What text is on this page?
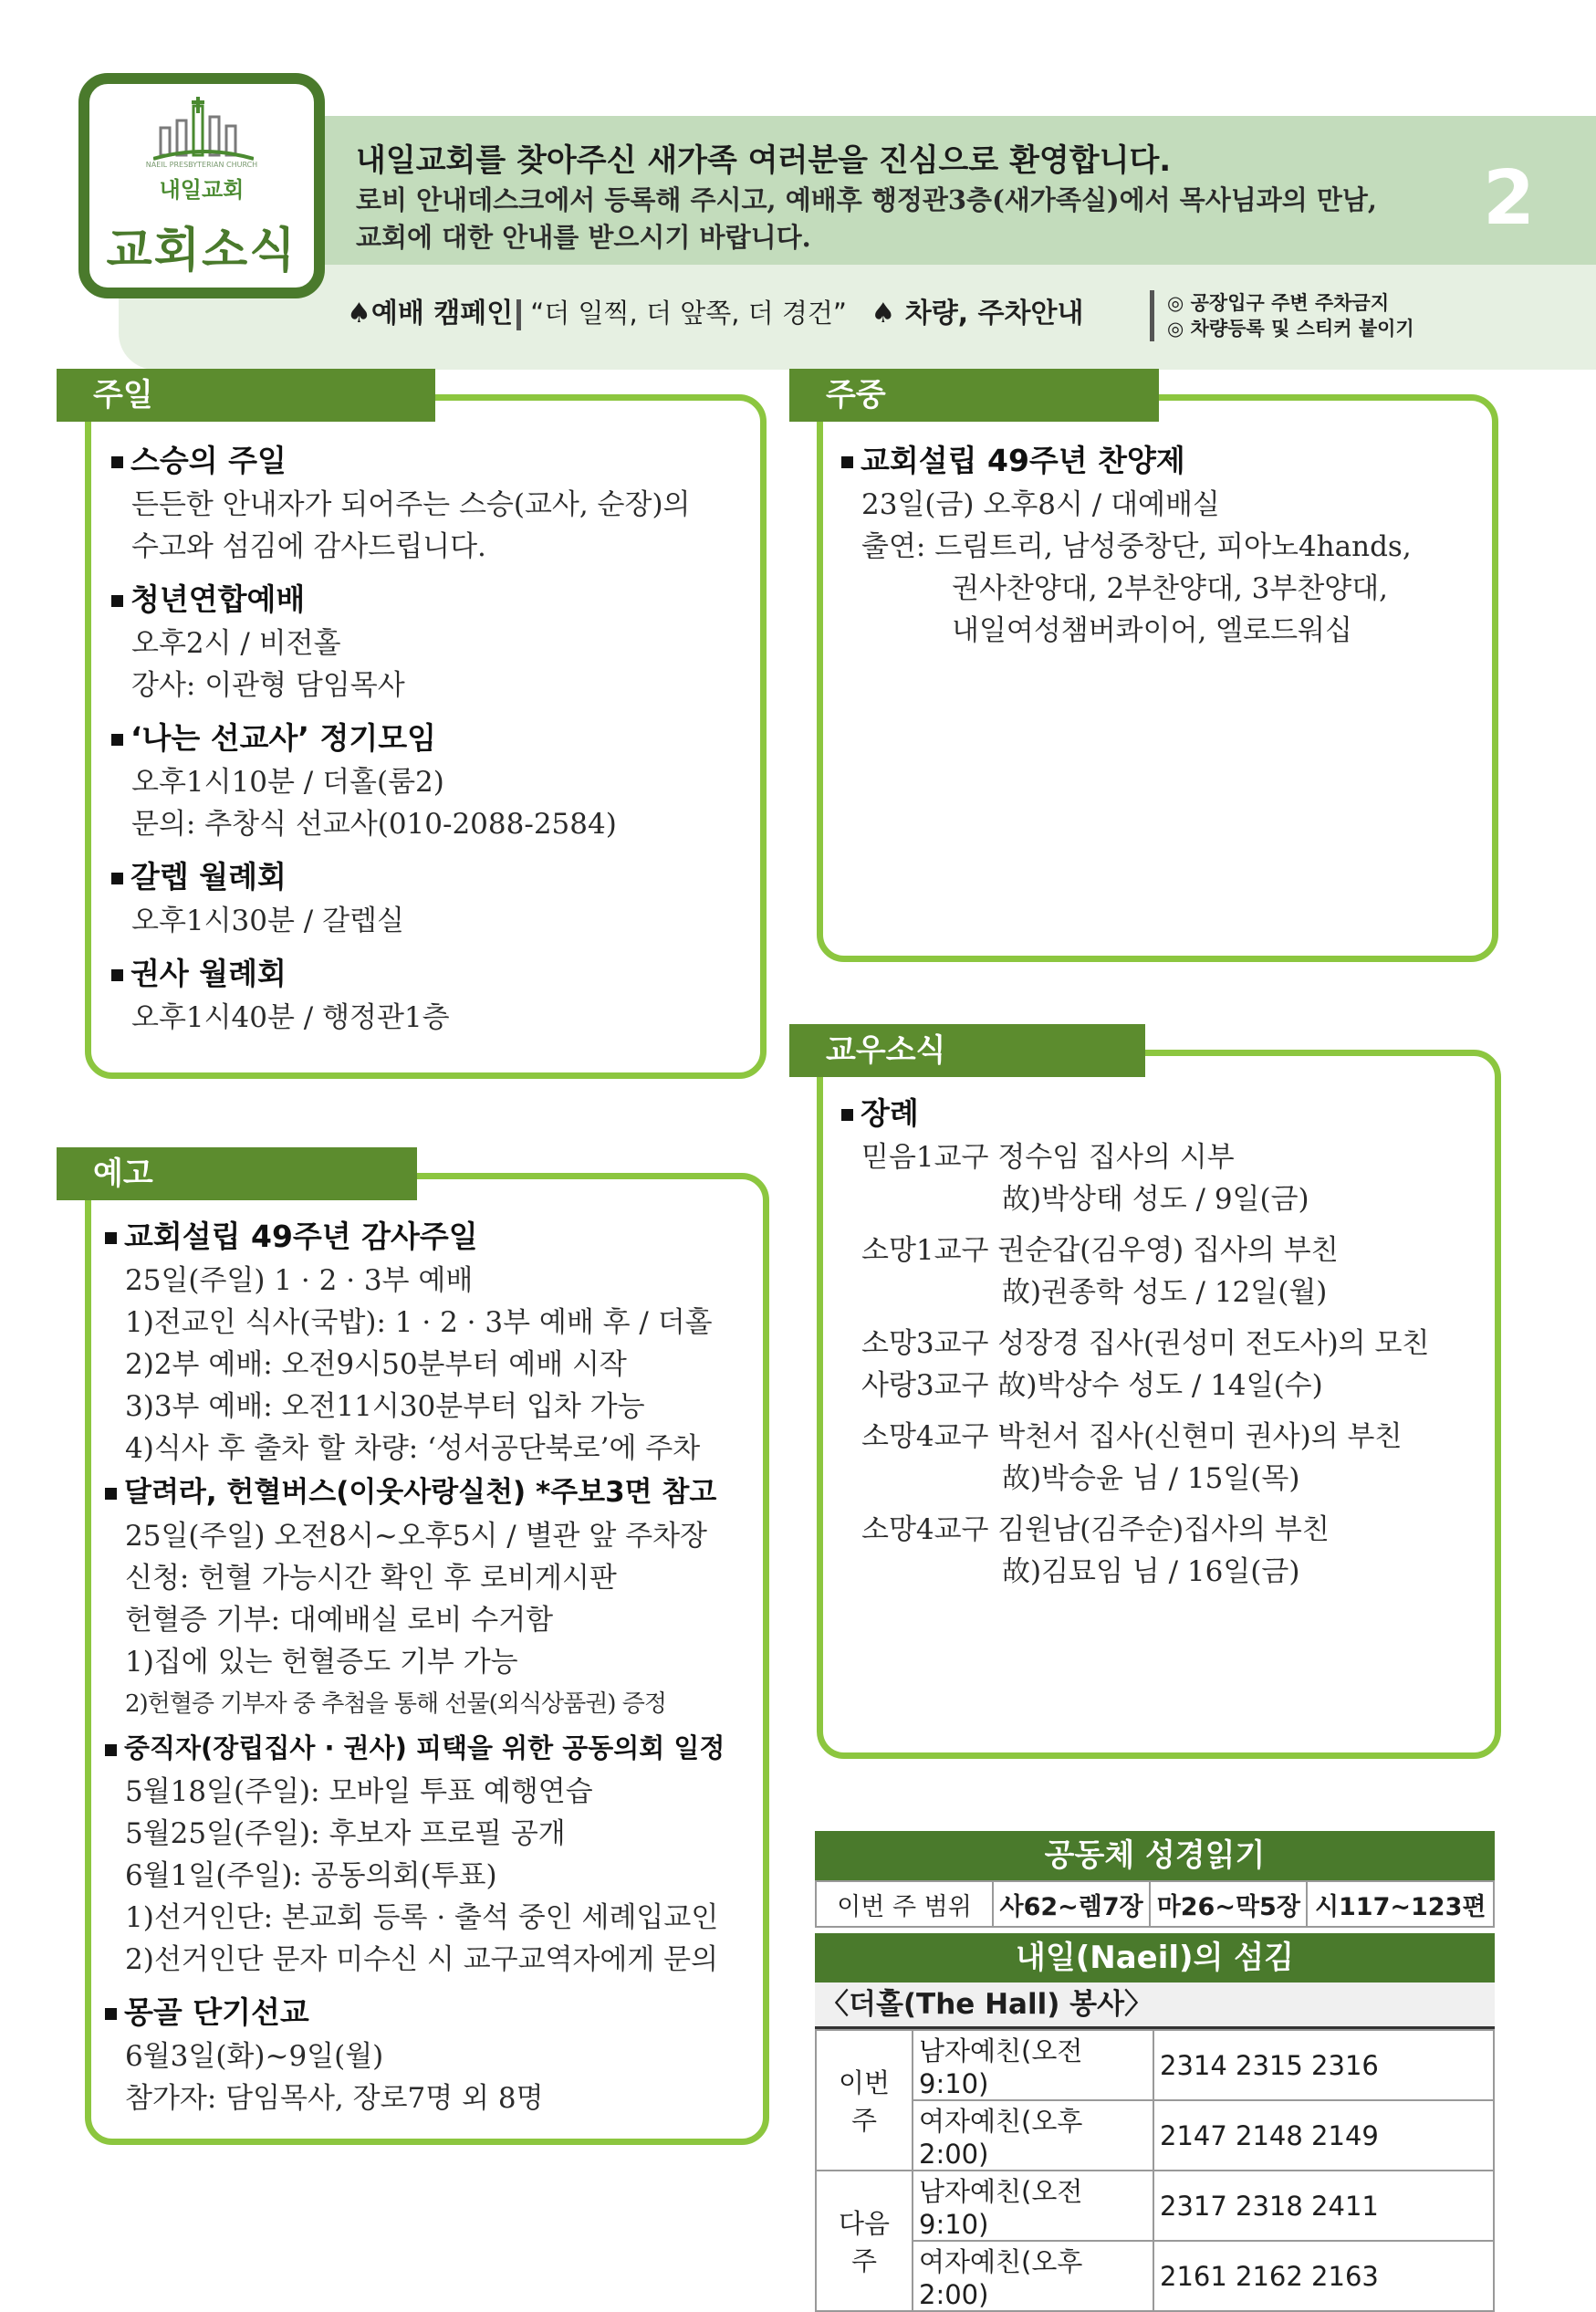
NAEIL PRESBYTERIAN CHURCH
내일교회
교회소식
내일교회를 찾아주신 새가족 여러분을 진심으로 환영합니다.
로비 안내데스크에서 등록해 주시고, 예배후 행정관3층(새가족실)에서 목사님과의 만남,
교회에 대한 안내를 받으시기 바랍니다.	2
♠예배 캠페인 “더 일찍, 더 앞쪽, 더 경건” ♠ 차량, 주차안내	◎ 공장입구 주변 주차금지
◎ 차량등록 및 스티커 붙이기
주일
스승의 주일
든든한 안내자가 되어주는 스승(교사, 순장)의
수고와 섬김에 감사드립니다.
청년연합예배
오후2시 / 비전홀
강사: 이관형 담임목사
‘나는 선교사’ 정기모임
오후1시10분 / 더홀(룸2)
문의: 추창식 선교사(010-2088-2584)
갈렙 월례회
오후1시30분 / 갈렙실
권사 월례회
오후1시40분 / 행정관1층
주중
교회설립 49주년 찬양제
23일(금) 오후8시 / 대예배실
출연: 드림트리, 남성중창단, 피아노4hands,
권사찬양대, 2부찬양대, 3부찬양대,
내일여성챔버콰이어, 엘로드워십
예고
교회설립 49주년 감사주일
25일(주일) 1 · 2 · 3부 예배
1)전교인 식사(국밥): 1 · 2 · 3부 예배 후 / 더홀
2)2부 예배: 오전9시50분부터 예배 시작
3)3부 예배: 오전11시30분부터 입차 가능
4)식사 후 출차 할 차량: ‘성서공단북로’에 주차
달려라, 헌혈버스(이웃사랑실천) *주보3면 참고
25일(주일) 오전8시~오후5시 / 별관 앞 주차장
신청: 헌혈 가능시간 확인 후 로비게시판
헌혈증 기부: 대예배실 로비 수거함
1)집에 있는 헌혈증도 기부 가능
2)헌혈증 기부자 중 추첨을 통해 선물(외식상품권) 증정
중직자(장립집사 · 권사) 피택을 위한 공동의회 일정
5월18일(주일): 모바일 투표 예행연습
5월25일(주일): 후보자 프로필 공개
6월1일(주일): 공동의회(투표)
1)선거인단: 본교회 등록 · 출석 중인 세례입교인
2)선거인단 문자 미수신 시 교구교역자에게 문의
몽골 단기선교
6월3일(화)~9일(월)
참가자: 담임목사, 장로7명 외 8명
교우소식
장례
믿음1교구 정수임 집사의 시부
故)박상태 성도 / 9일(금)
소망1교구 권순갑(김우영) 집사의 부친
故)권종학 성도 / 12일(월)
소망3교구 성장경 집사(권성미 전도사)의 모친
사랑3교구 故)박상수 성도 / 14일(수)
소망4교구 박천서 집사(신현미 권사)의 부친
故)박승윤 님 / 15일(목)
소망4교구 김원남(김주순)집사의 부친
故)김묘임 님 / 16일(금)
공동체 성경읽기
이번 주 범위	사62~렘7장	마26~막5장	시117~123편
내일(Naeil)의 섬김
〈더홀(The Hall) 봉사〉
이번 주	남자예친(오전9:10)	2314 2315 2316
	여자예친(오후2:00)	2147 2148 2149
다음 주	남자예친(오전9:10)	2317 2318 2411
	여자예친(오후2:00)	2161 2162 2163
